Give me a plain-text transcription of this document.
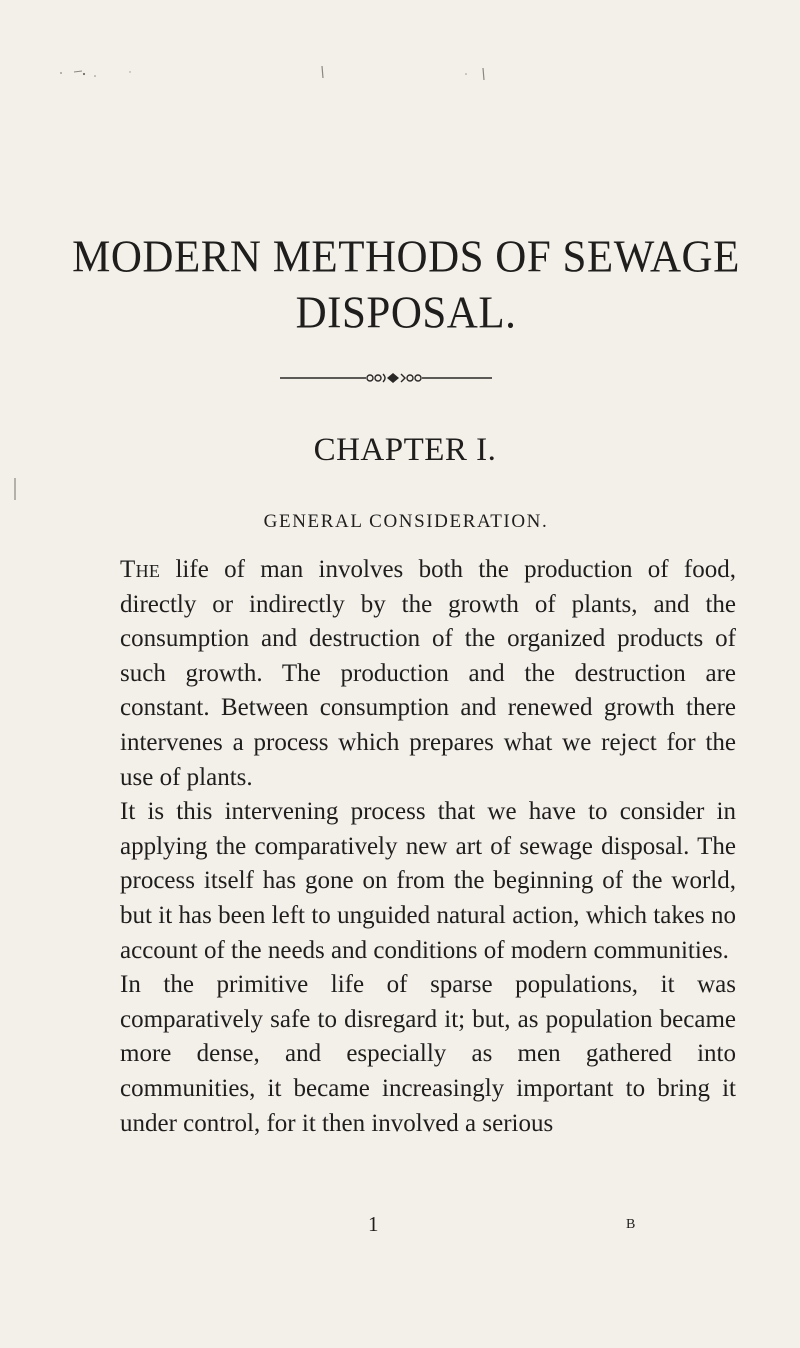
MODERN METHODS OF SEWAGE
DISPOSAL.
CHAPTER I.
GENERAL CONSIDERATION.

The life of man involves both the production of food, directly or indirectly by the growth of plants, and the consumption and destruction of the organized products of such growth. The production and the destruction are constant. Between consumption and renewed growth there intervenes a process which prepares what we reject for the use of plants.

It is this intervening process that we have to consider in applying the comparatively new art of sewage disposal. The process itself has gone on from the beginning of the world, but it has been left to unguided natural action, which takes no account of the needs and conditions of modern communities.

In the primitive life of sparse populations, it was comparatively safe to disregard it; but, as population became more dense, and especially as men gathered into communities, it became increasingly important to bring it under control, for it then involved a serious

1	B
